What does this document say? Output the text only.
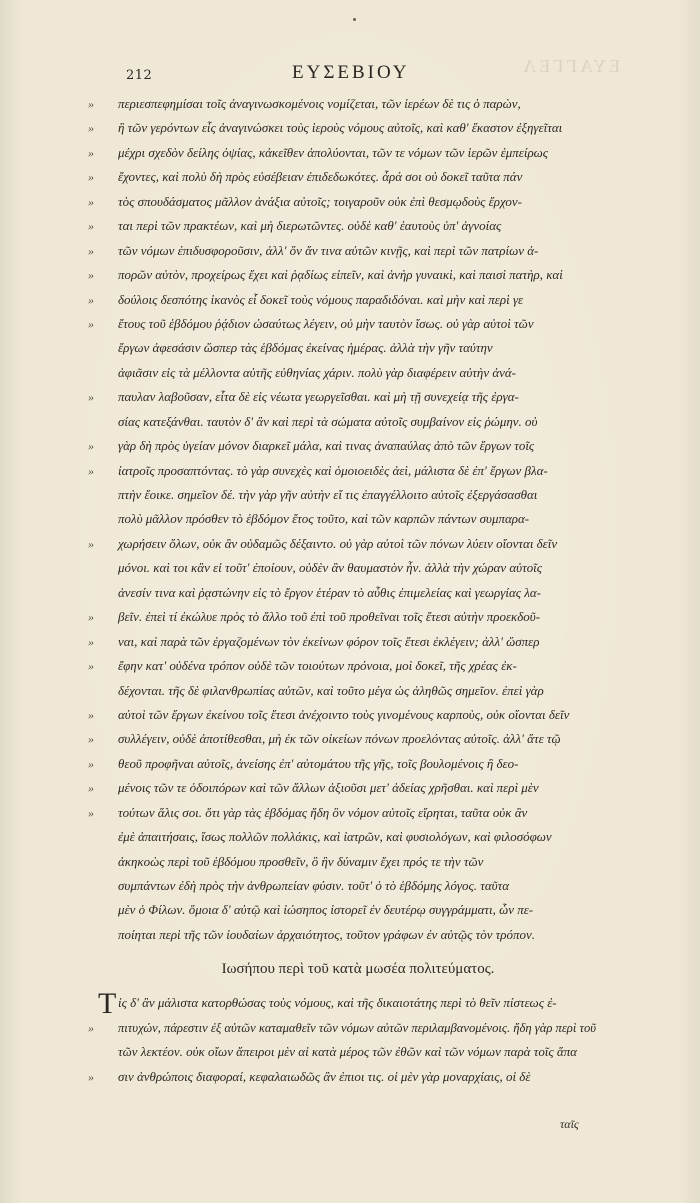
ΕΥΑΓΓΕΛ
212	ΕΥΣΕΒΙΟΥ
»	περιεσπεφημίσαι τοῖς ἀναγινωσκομένοις νομίζεται, τῶν ἱερέων δὲ τις ὁ παρὼν,
»	ἢ τῶν γερόντων εἷς ἀναγινώσκει τοὺς ἱεροὺς νόμους αὐτοῖς, καὶ καθ' ἕκαστον ἐξηγεῖται
»	μέχρι σχεδὸν δείλης ὀψίας, κἀκεῖθεν ἀπολύονται, τῶν τε νόμων τῶν ἱερῶν ἐμπείρως
»	ἔχοντες, καὶ πολὺ δὴ πρὸς εὐσέβειαν ἐπιδεδωκότες. ἆρά σοι οὐ δοκεῖ ταῦτα πάν
»	τὸς σπουδάσματος μᾶλλον ἀνάξια αὐτοῖς; τοιγαροῦν οὐκ ἐπὶ θεσμῳδοὺς ἔρχον-
»	ται περὶ τῶν πρακτέων, καὶ μὴ διερωτῶντες. οὐδὲ καθ' ἑαυτοὺς ὑπ' ἀγνοίας
»	τῶν νόμων ἐπιδυσφοροῦσιν, ἀλλ' ὅν ἄν τινα αὐτῶν κινῇς, καὶ περὶ τῶν πατρίων ἀ-
»	πορῶν αὐτὸν, προχείρως ἔχει καὶ ῥᾳδίως εἰπεῖν, καὶ ἀνὴρ γυναικὶ, καὶ παισὶ πατὴρ, καὶ
»	δούλοις δεσπότης ἱκανὸς εἶ δοκεῖ τοὺς νόμους παραδιδόναι. καὶ μὴν καὶ περὶ γε
»	ἔτους τοῦ ἑβδόμου ῥᾴδιον ὡσαύτως λέγειν, οὐ μὴν ταυτὸν ἴσως. οὐ γὰρ αὐτοὶ τῶν
ἔργων ἀφεσάσιν ὥσπερ τὰς ἑβδόμας ἐκείνας ἡμέρας. ἀλλὰ τὴν γῆν ταύτην
ἀφιᾶσιν εἰς τὰ μέλλοντα αὐτῆς εὐθηνίας χάριν. πολὺ γὰρ διαφέρειν αὐτὴν ἀνά-
»	παυλαν λαβοῦσαν, εἶτα δὲ εἰς νέωτα γεωργεῖσθαι. καὶ μὴ τῇ συνεχείᾳ τῆς ἐργα-
σίας κατεξάνθαι. ταυτὸν δ' ἂν καὶ περὶ τὰ σώματα αὐτοῖς συμβαίνον εἰς ῥώμην. οὐ
»	γὰρ δὴ πρὸς ὑγείαν μόνον διαρκεῖ μάλα, καὶ τινας ἀναπαύλας ἀπὸ τῶν ἔργων τοῖς
»	ἰατροῖς προσαπτόντας. τὸ γὰρ συνεχὲς καὶ ὁμοιοειδὲς ἀεὶ, μάλιστα δὲ ἐπ' ἔργων βλα-
πτὴν ἔοικε. σημεῖον δέ. τὴν γὰρ γῆν αὐτὴν εἴ τις ἐπαγγέλλοιτο αὐτοῖς ἐξεργάσασθαι
πολὺ μᾶλλον πρόσθεν τὸ ἑβδόμον ἔτος τοῦτο, καὶ τῶν καρπῶν πάντων συμπαρα-
»	χωρήσειν ὅλων, οὐκ ἂν οὐδαμῶς δέξαιντο. οὐ γὰρ αὐτοὶ τῶν πόνων λύειν οἴονται δεῖν
μόνοι. καὶ τοι κἂν εἰ τοῦτ' ἐποίουν, οὐδὲν ἂν θαυμαστὸν ἦν. ἀλλὰ τὴν χώραν αὐτοῖς
ἀνεσίν τινα καὶ ῥᾳστώνην εἰς τὸ ἔργον ἑτέραν τὸ αὖθις ἐπιμελείας καὶ γεωργίας λα-
»	βεῖν. ἐπεὶ τί ἐκώλυε πρὸς τὸ ἄλλο τοῦ ἐπὶ τοῦ προθεῖναι τοῖς ἔτεσι αὐτὴν προεκδοῦ-
»	ναι, καὶ παρὰ τῶν ἐργαζομένων τὸν ἐκείνων φόρον τοῖς ἔτεσι ἐκλέγειν; ἀλλ' ὥσπερ
»	ἔφην κατ' οὐδένα τρόπον οὐδὲ τῶν τοιούτων πρόνοια, μοὶ δοκεῖ, τῆς χρέας ἐκ-
δέχονται. τῆς δὲ φιλανθρωπίας αὐτῶν, καὶ τοῦτο μέγα ὡς ἀληθῶς σημεῖον. ἐπεὶ γὰρ
»	αὐτοὶ τῶν ἔργων ἐκείνου τοῖς ἔτεσι ἀνέχοιντο τοὺς γινομένους καρποὺς, οὐκ οἴονται δεῖν
»	συλλέγειν, οὐδὲ ἀποτίθεσθαι, μὴ ἐκ τῶν οἰκείων πόνων προελόντας αὐτοῖς. ἀλλ' ἅτε τῷ
»	θεοῦ προφῆναι αὐτοῖς, ἀνείσης ἐπ' αὐτομάτου τῆς γῆς, τοῖς βουλομένοις ἢ δεο-
»	μένοις τῶν τε ὁδοιπόρων καὶ τῶν ἄλλων ἀξιοῦσι μετ' ἀδείας χρῆσθαι. καὶ περὶ μὲν
»	τούτων ἅλις σοι. ὅτι γὰρ τὰς ἑβδόμας ἤδη ὃν νόμον αὐτοῖς εἴρηται, ταῦτα οὐκ ἂν
ἐμὲ ἀπαιτήσαις, ἴσως πολλῶν πολλάκις, καὶ ἰατρῶν, καὶ φυσιολόγων, καὶ φιλοσόφων
ἀκηκοὼς περὶ τοῦ ἑβδόμου προσθεῖν, ὃ ἣν δύναμιν ἔχει πρός τε τὴν τῶν
συμπάντων ἐδὴ πρὸς τὴν ἀνθρωπείαν φύσιν. τοῦτ' ὁ τὸ ἑβδόμης λόγος. ταῦτα
μὲν ὁ Φίλων. ὅμοια δ' αὐτῷ καὶ ἰώσηπος ἱστορεῖ ἐν δευτέρῳ συγγράμματι, ὧν πε-
ποίηται περὶ τῆς τῶν ἰουδαίων ἀρχαιότητος, τοῦτον γράφων ἐν αὐτῷς τὸν τρόπον.
Ιωσήπου περὶ τοῦ κατὰ μωσέα πολιτεύματος.
Τ ἰς δ' ἂν μάλιστα κατορθώσας τοὺς νόμους, καὶ τῆς δικαιοτάτης περὶ τὸ θεῖν πίστεως ἐ-
»	πιτυχών, πάρεστιν ἐξ αὐτῶν καταμαθεῖν τῶν νόμων αὐτῶν περιλαμβανομένοις. ἤδη γὰρ περὶ τοῦ
τῶν λεκτέον. οὐκ οἴων ἄπειροι μὲν αἱ κατὰ μέρος τῶν ἐθῶν καὶ τῶν νόμων παρὰ τοῖς ἅπα
»	σιν ἀνθρώποις διαφοραί, κεφαλαιωδῶς ἂν ἐπιοι τις. οἱ μὲν γὰρ μοναρχίαις, οἱ δὲ
ταῖς
